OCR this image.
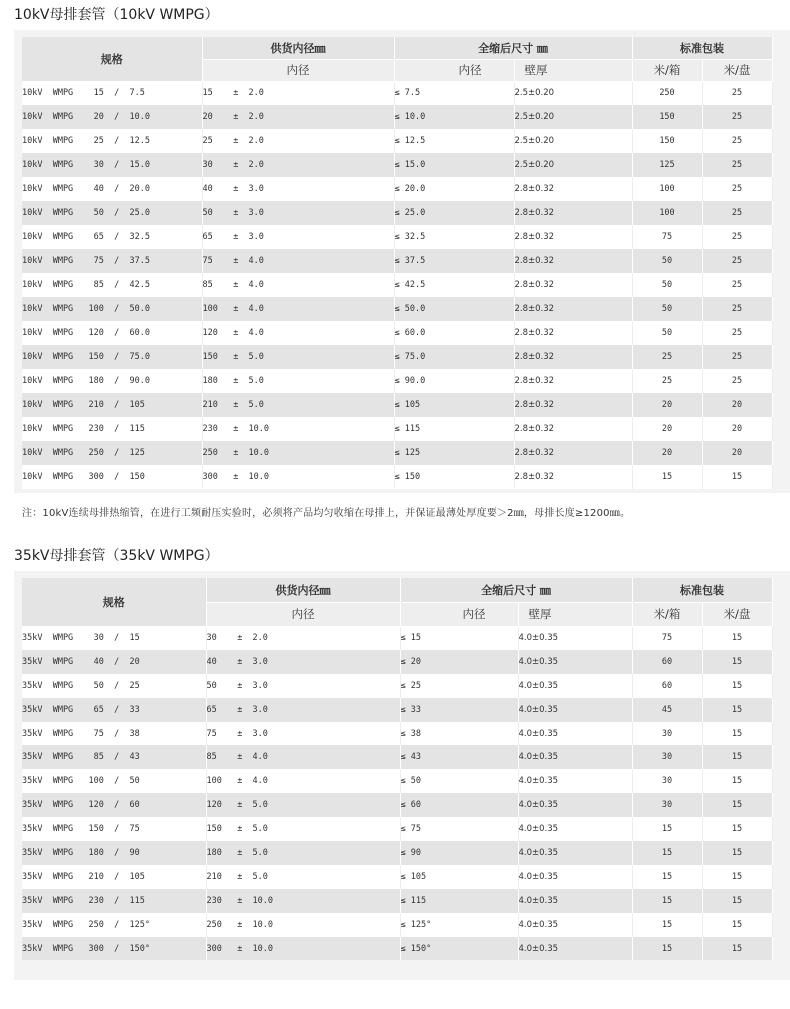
10kV母排套管（10kV WMPG）
规格	供货内径㎜	全缩后尺寸 ㎜		标准包装	
	内径	内径	壁厚	米/箱	米/盘
10kV  WMPG    15  /  7.5	15    ±  2.0	≤ 7.5	2.5±0.20	250	25
10kV  WMPG    20  /  10.0	20    ±  2.0	≤ 10.0	2.5±0.20	150	25
10kV  WMPG    25  /  12.5	25    ±  2.0	≤ 12.5	2.5±0.20	150	25
10kV  WMPG    30  /  15.0	30    ±  2.0	≤ 15.0	2.5±0.20	125	25
10kV  WMPG    40  /  20.0	40    ±  3.0	≤ 20.0	2.8±0.32	100	25
10kV  WMPG    50  /  25.0	50    ±  3.0	≤ 25.0	2.8±0.32	100	25
10kV  WMPG    65  /  32.5	65    ±  3.0	≤ 32.5	2.8±0.32	75	25
10kV  WMPG    75  /  37.5	75    ±  4.0	≤ 37.5	2.8±0.32	50	25
10kV  WMPG    85  /  42.5	85    ±  4.0	≤ 42.5	2.8±0.32	50	25
10kV  WMPG   100  /  50.0	100   ±  4.0	≤ 50.0	2.8±0.32	50	25
10kV  WMPG   120  /  60.0	120   ±  4.0	≤ 60.0	2.8±0.32	50	25
10kV  WMPG   150  /  75.0	150   ±  5.0	≤ 75.0	2.8±0.32	25	25
10kV  WMPG   180  /  90.0	180   ±  5.0	≤ 90.0	2.8±0.32	25	25
10kV  WMPG   210  /  105	210   ±  5.0	≤ 105	2.8±0.32	20	20
10kV  WMPG   230  /  115	230   ±  10.0	≤ 115	2.8±0.32	20	20
10kV  WMPG   250  /  125	250   ±  10.0	≤ 125	2.8±0.32	20	20
10kV  WMPG   300  /  150	300   ±  10.0	≤ 150	2.8±0.32	15	15
注：10kV连续母排热缩管，在进行工频耐压实验时，必须将产品均匀收缩在母排上，并保证最薄处厚度要＞2㎜，母排长度≥1200㎜。
35kV母排套管（35kV WMPG）
规格	供货内径㎜	全缩后尺寸 ㎜		标准包装	
	内径	内径	壁厚	米/箱	米/盘
35kV  WMPG    30  /  15	30    ±  2.0	≤ 15	4.0±0.35	75	15
35kV  WMPG    40  /  20	40    ±  3.0	≤ 20	4.0±0.35	60	15
35kV  WMPG    50  /  25	50    ±  3.0	≤ 25	4.0±0.35	60	15
35kV  WMPG    65  /  33	65    ±  3.0	≤ 33	4.0±0.35	45	15
35kV  WMPG    75  /  38	75    ±  3.0	≤ 38	4.0±0.35	30	15
35kV  WMPG    85  /  43	85    ±  4.0	≤ 43	4.0±0.35	30	15
35kV  WMPG   100  /  50	100   ±  4.0	≤ 50	4.0±0.35	30	15
35kV  WMPG   120  /  60	120   ±  5.0	≤ 60	4.0±0.35	30	15
35kV  WMPG   150  /  75	150   ±  5.0	≤ 75	4.0±0.35	15	15
35kV  WMPG   180  /  90	180   ±  5.0	≤ 90	4.0±0.35	15	15
35kV  WMPG   210  /  105	210   ±  5.0	≤ 105	4.0±0.35	15	15
35kV  WMPG   230  /  115	230   ±  10.0	≤ 115	4.0±0.35	15	15
35kV  WMPG   250  /  125°	250   ±  10.0	≤ 125°	4.0±0.35	15	15
35kV  WMPG   300  /  150°	300   ±  10.0	≤ 150°	4.0±0.35	15	15
